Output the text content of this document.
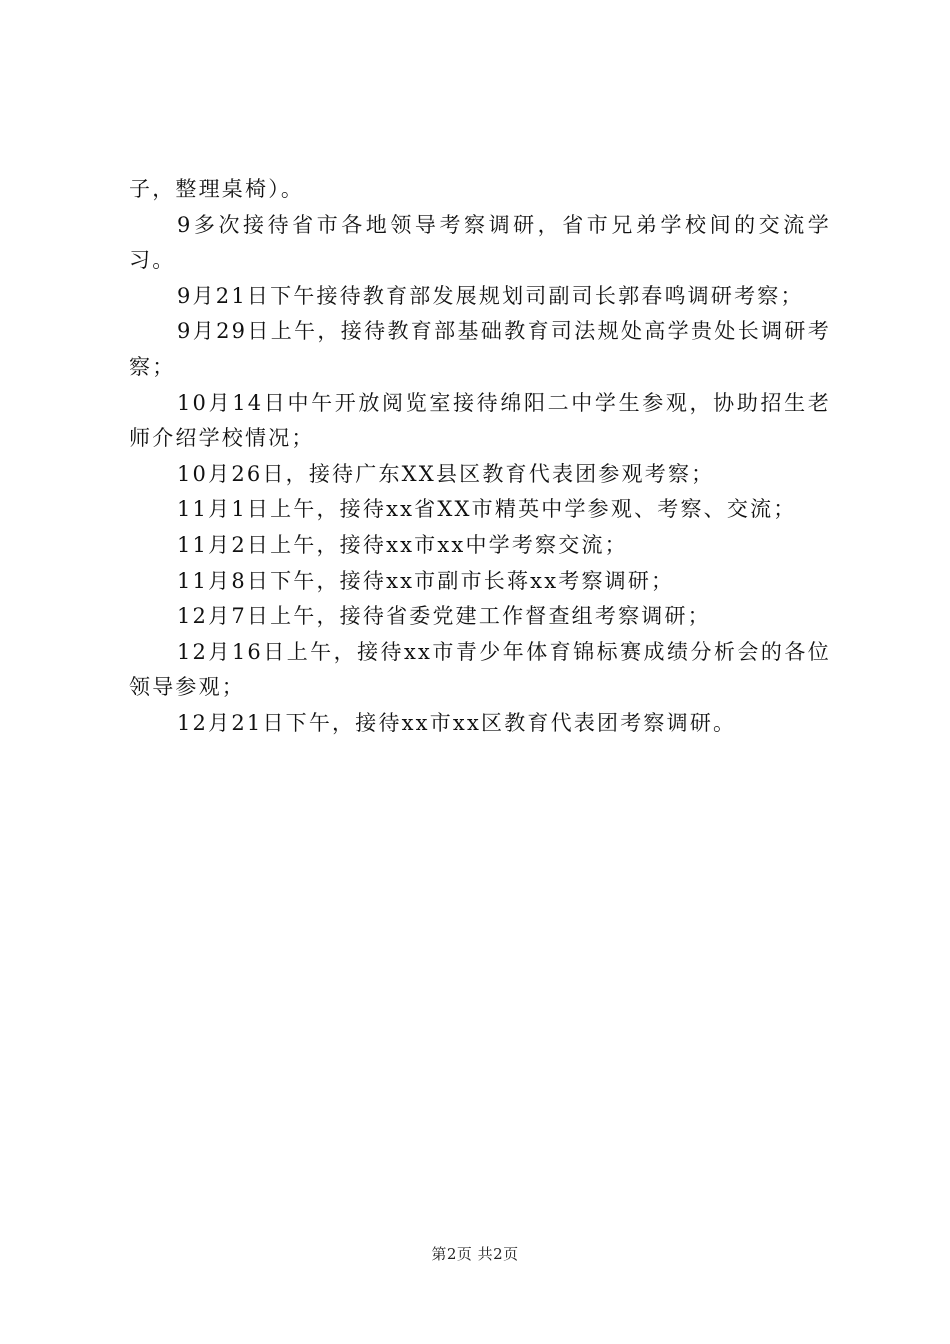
子，整理桌椅）。

9多次接待省市各地领导考察调研，省市兄弟学校间的交流学习。

9月21日下午接待教育部发展规划司副司长郭春鸣调研考察；

9月29日上午，接待教育部基础教育司法规处高学贵处长调研考察；

10月14日中午开放阅览室接待绵阳二中学生参观，协助招生老师介绍学校情况；

10月26日，接待广东XX县区教育代表团参观考察；

11月1日上午，接待xx省XX市精英中学参观、考察、交流；

11月2日上午，接待xx市xx中学考察交流；

11月8日下午，接待xx市副市长蒋xx考察调研；

12月7日上午，接待省委党建工作督查组考察调研；

12月16日上午，接待xx市青少年体育锦标赛成绩分析会的各位领导参观；

12月21日下午，接待xx市xx区教育代表团考察调研。

第2页 共2页
